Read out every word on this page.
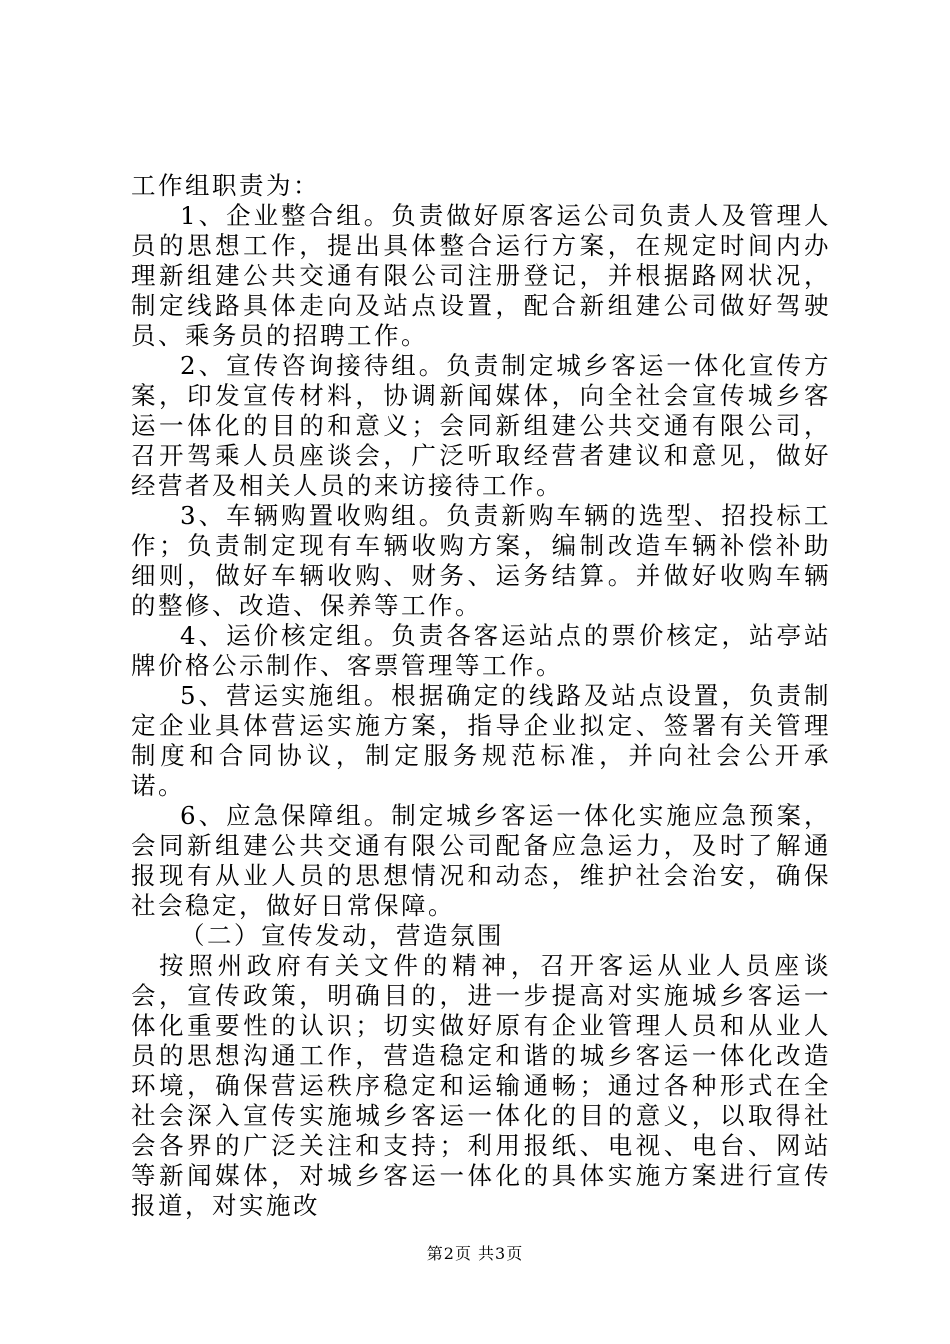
工作组职责为：

1、企业整合组。负责做好原客运公司负责人及管理人员的思想工作，提出具体整合运行方案，在规定时间内办理新组建公共交通有限公司注册登记，并根据路网状况，制定线路具体走向及站点设置，配合新组建公司做好驾驶员、乘务员的招聘工作。

2、宣传咨询接待组。负责制定城乡客运一体化宣传方案，印发宣传材料，协调新闻媒体，向全社会宣传城乡客运一体化的目的和意义；会同新组建公共交通有限公司，召开驾乘人员座谈会，广泛听取经营者建议和意见，做好经营者及相关人员的来访接待工作。

3、车辆购置收购组。负责新购车辆的选型、招投标工作；负责制定现有车辆收购方案，编制改造车辆补偿补助细则，做好车辆收购、财务、运务结算。并做好收购车辆的整修、改造、保养等工作。

4、运价核定组。负责各客运站点的票价核定，站亭站牌价格公示制作、客票管理等工作。

5、营运实施组。根据确定的线路及站点设置，负责制定企业具体营运实施方案，指导企业拟定、签署有关管理制度和合同协议，制定服务规范标准，并向社会公开承诺。

6、应急保障组。制定城乡客运一体化实施应急预案，会同新组建公共交通有限公司配备应急运力，及时了解通报现有从业人员的思想情况和动态，维护社会治安，确保社会稳定，做好日常保障。

（二）宣传发动，营造氛围

按照州政府有关文件的精神，召开客运从业人员座谈会，宣传政策，明确目的，进一步提高对实施城乡客运一体化重要性的认识；切实做好原有企业管理人员和从业人员的思想沟通工作，营造稳定和谐的城乡客运一体化改造环境，确保营运秩序稳定和运输通畅；通过各种形式在全社会深入宣传实施城乡客运一体化的目的意义，以取得社会各界的广泛关注和支持；利用报纸、电视、电台、网站等新闻媒体，对城乡客运一体化的具体实施方案进行宣传报道，对实施改

第2页 共3页
